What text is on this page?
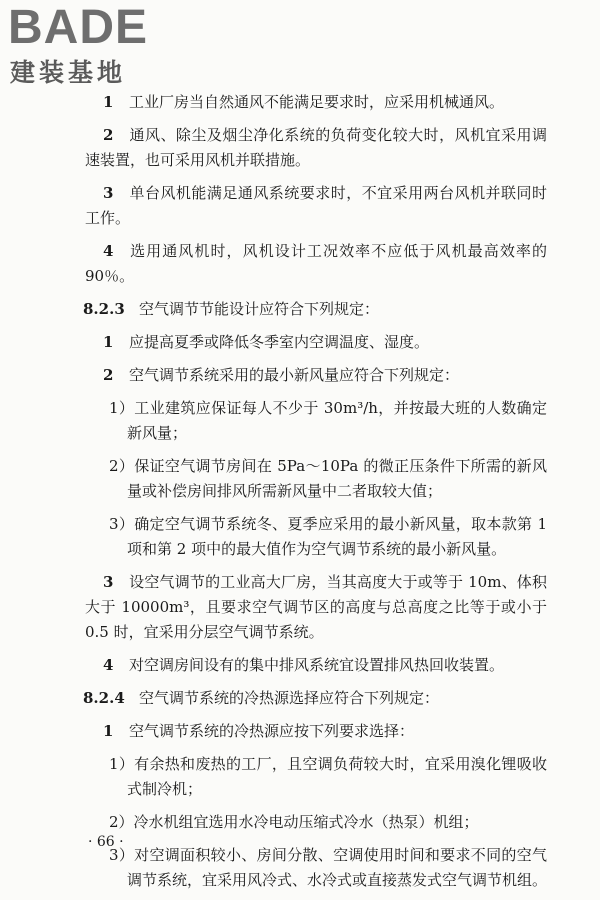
BADE
建装基地

1 工业厂房当自然通风不能满足要求时，应采用机械通风。

2 通风、除尘及烟尘净化系统的负荷变化较大时，风机宜采用调速装置，也可采用风机并联措施。

3 单台风机能满足通风系统要求时，不宜采用两台风机并联同时工作。

4 选用通风机时，风机设计工况效率不应低于风机最高效率的 90％。

8.2.3 空气调节节能设计应符合下列规定：

1 应提高夏季或降低冬季室内空调温度、湿度。

2 空气调节系统采用的最小新风量应符合下列规定：

1）工业建筑应保证每人不少于 30m³/h，并按最大班的人数确定新风量；

2）保证空气调节房间在 5Pa～10Pa 的微正压条件下所需的新风量或补偿房间排风所需新风量中二者取较大值；

3）确定空气调节系统冬、夏季应采用的最小新风量，取本款第 1 项和第 2 项中的最大值作为空气调节系统的最小新风量。

3 设空气调节的工业高大厂房，当其高度大于或等于 10m、体积大于 10000m³，且要求空气调节区的高度与总高度之比等于或小于 0.5 时，宜采用分层空气调节系统。

4 对空调房间设有的集中排风系统宜设置排风热回收装置。

8.2.4 空气调节系统的冷热源选择应符合下列规定：

1 空气调节系统的冷热源应按下列要求选择：

1）有余热和废热的工厂，且空调负荷较大时，宜采用溴化锂吸收式制冷机；

2）冷水机组宜选用水冷电动压缩式冷水（热泵）机组；

3）对空调面积较小、房间分散、空调使用时间和要求不同的空气调节系统，宜采用风冷式、水冷式或直接蒸发式空气调节机组。

· 66 ·
